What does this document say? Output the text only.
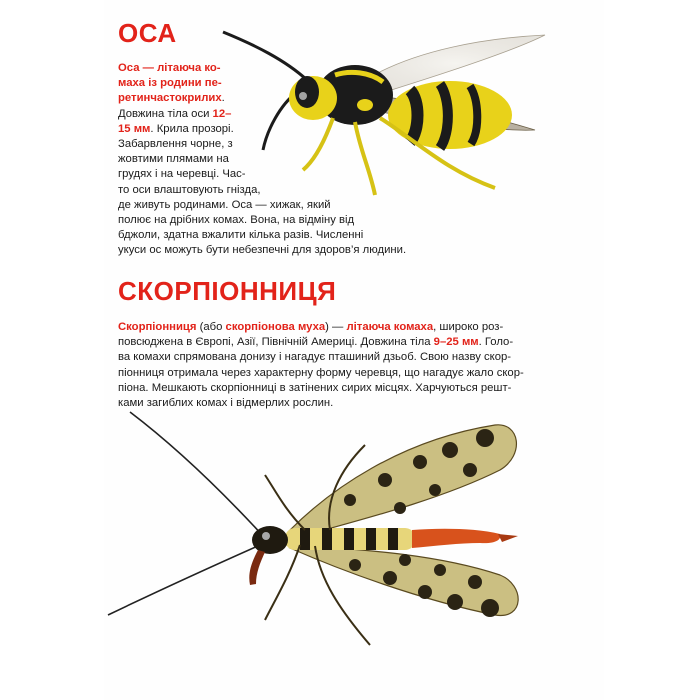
ОСА

Оса — літаюча ко-
маха із родини пе-
ретинчастокрилих.
Довжина тіла оси 12–
15 мм. Крила прозорі.
Забарвлення чорне, з
жовтими плямами на
грудях і на черевці. Час-
то оси влаштовують гнізда,
де живуть родинами. Оса — хижак, який
полює на дрібних комах. Вона, на відміну від
бджоли, здатна вжалити кілька разів. Численні
укуси ос можуть бути небезпечні для здоров’я людини.

СКОРПІОННИЦЯ

Скорпіонниця (або скорпіонова муха) — літаюча комаха, широко роз-
повсюджена в Європі, Азії, Північній Америці. Довжина тіла 9–25 мм. Голо-
ва комахи спрямована донизу і нагадує пташиний дзьоб. Свою назву скор-
піонниця отримала через характерну форму черевця, що нагадує жало скор-
піона. Мешкають скорпіонниці в затінених сирих місцях. Харчуються решт-
ками загиблих комах і відмерлих рослин.
